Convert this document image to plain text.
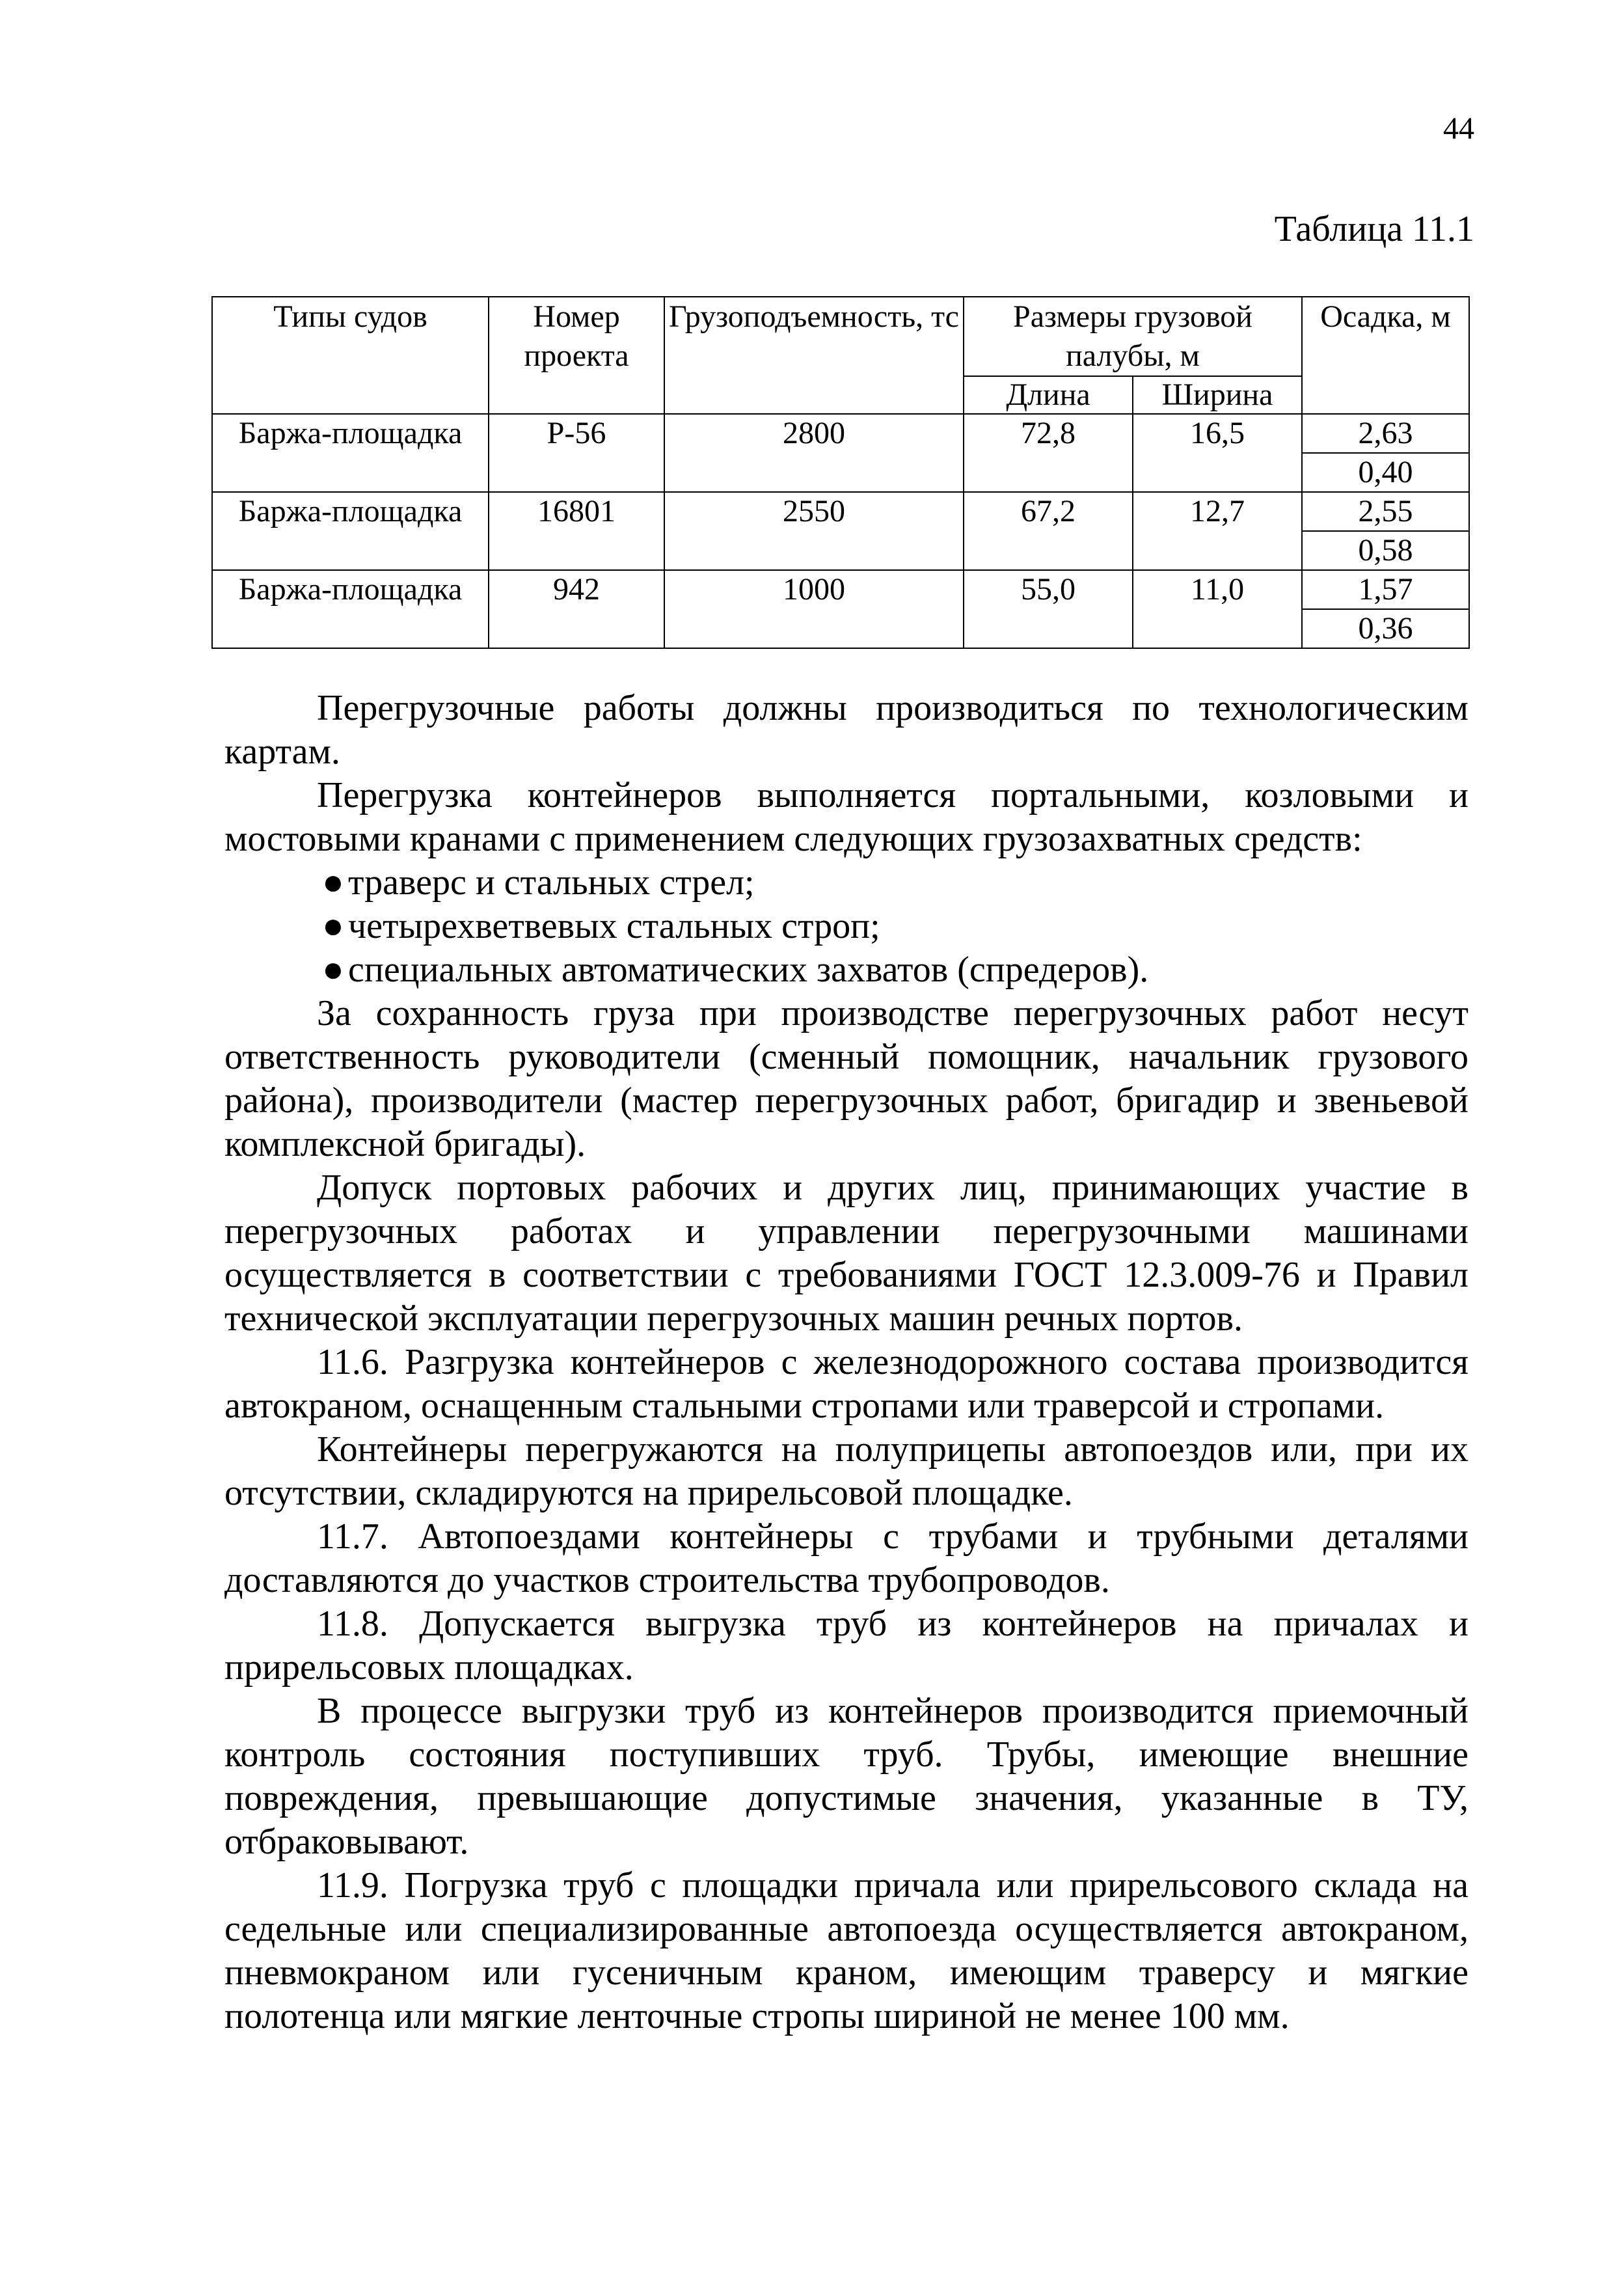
44
Таблица 11.1
Типы судов	Номер проекта	Грузоподъемность, тс	Размеры грузовой палубы, м		Осадка, м
			Длина	Ширина	
Баржа-площадка	Р-56	2800	72,8	16,5	2,63
					0,40
Баржа-площадка	16801	2550	67,2	12,7	2,55
					0,58
Баржа-площадка	942	1000	55,0	11,0	1,57
					0,36

Перегрузочные работы должны производиться по технологическим картам.

Перегрузка контейнеров выполняется портальными, козловыми и мостовыми кранами с применением следующих грузозахватных средств:

● траверс и стальных стрел;
● четырехветвевых стальных строп;
● специальных автоматических захватов (спредеров).

За сохранность груза при производстве перегрузочных работ несут ответственность руководители (сменный помощник, начальник грузового района), производители (мастер перегрузочных работ, бригадир и звеньевой комплексной бригады).

Допуск портовых рабочих и других лиц, принимающих участие в перегрузочных работах и управлении перегрузочными машинами осуществляется в соответствии с требованиями ГОСТ 12.3.009-76 и Правил технической эксплуатации перегрузочных машин речных портов.

11.6. Разгрузка контейнеров с железнодорожного состава производится автокраном, оснащенным стальными стропами или траверсой и стропами.

Контейнеры перегружаются на полуприцепы автопоездов или, при их отсутствии, складируются на прирельсовой площадке.

11.7. Автопоездами контейнеры с трубами и трубными деталями доставляются до участков строительства трубопроводов.

11.8. Допускается выгрузка труб из контейнеров на причалах и прирельсовых площадках.

В процессе выгрузки труб из контейнеров производится приемочный контроль состояния поступивших труб. Трубы, имеющие внешние повреждения, превышающие допустимые значения, указанные в ТУ, отбраковывают.

11.9. Погрузка труб с площадки причала или прирельсового склада на седельные или специализированные автопоезда осуществляется автокраном, пневмокраном или гусеничным краном, имеющим траверсу и мягкие полотенца или мягкие ленточные стропы шириной не менее 100 мм.
